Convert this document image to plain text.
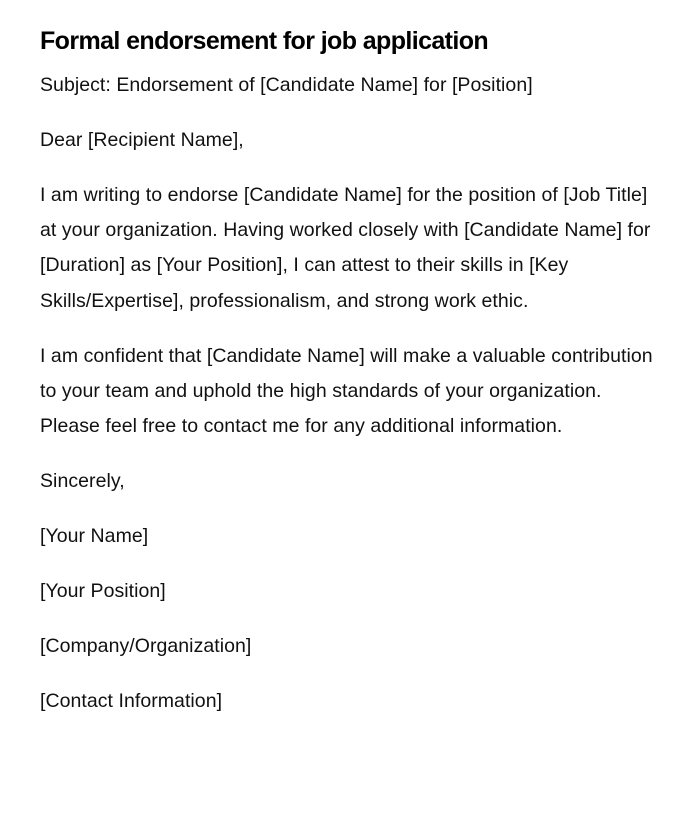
Formal endorsement for job application

Subject: Endorsement of [Candidate Name] for [Position]

Dear [Recipient Name],

I am writing to endorse [Candidate Name] for the position of [Job Title] at your organization. Having worked closely with [Candidate Name] for [Duration] as [Your Position], I can attest to their skills in [Key Skills/Expertise], professionalism, and strong work ethic.

I am confident that [Candidate Name] will make a valuable contribution to your team and uphold the high standards of your organization. Please feel free to contact me for any additional information.

Sincerely,

[Your Name]

[Your Position]

[Company/Organization]

[Contact Information]
